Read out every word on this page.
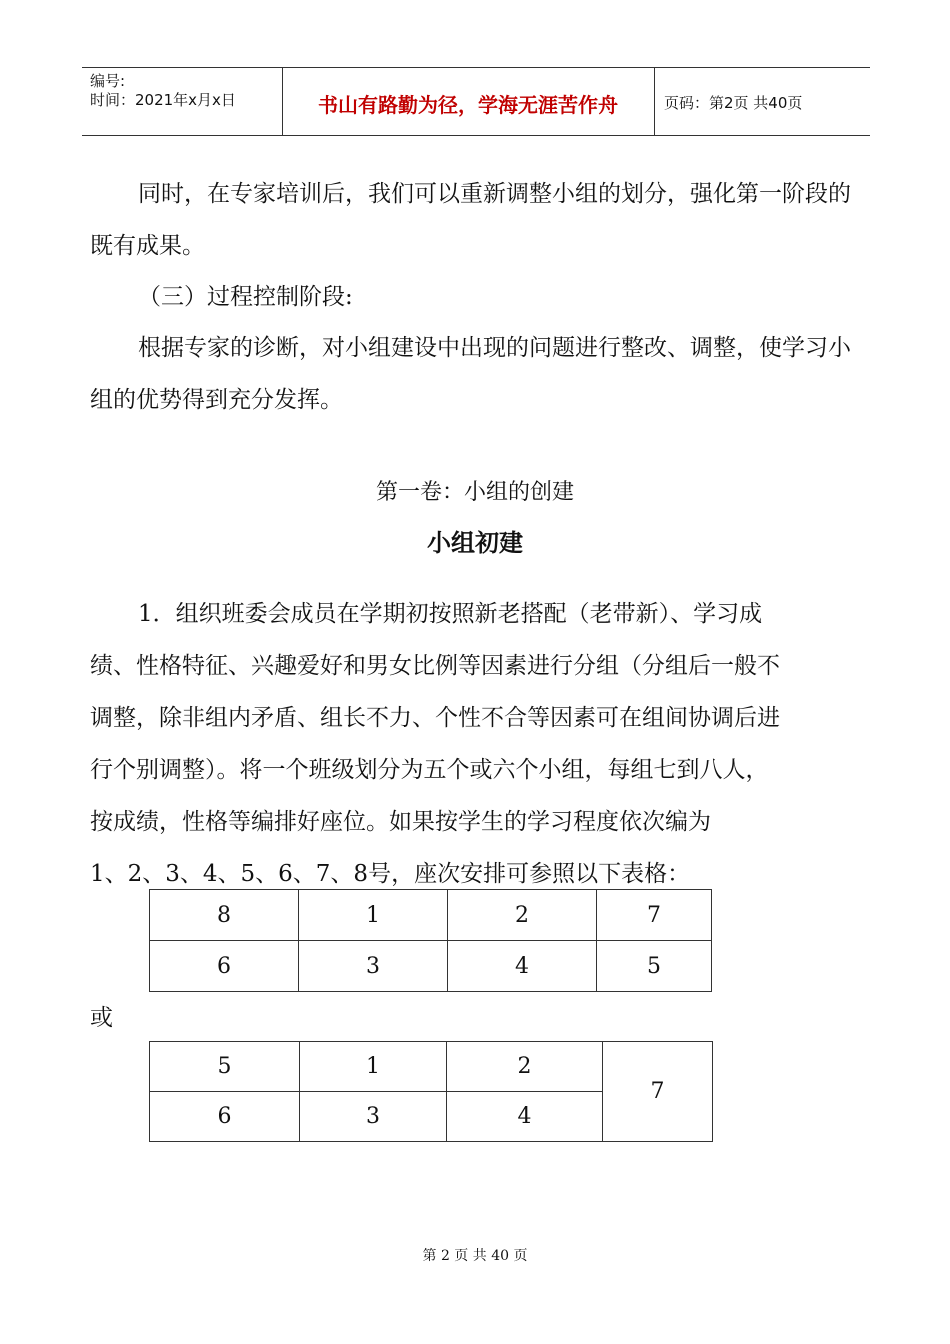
编号:
时间：2021年x月x日	书山有路勤为径，学海无涯苦作舟	页码：第2页 共40页

同时，在专家培训后，我们可以重新调整小组的划分，强化第一阶段的既有成果。

（三）过程控制阶段:

根据专家的诊断，对小组建设中出现的问题进行整改、调整，使学习小组的优势得到充分发挥。

第一卷：小组的创建
小组初建
1．组织班委会成员在学期初按照新老搭配（老带新）、学习成
绩、性格特征、兴趣爱好和男女比例等因素进行分组（分组后一般不
调整，除非组内矛盾、组长不力、个性不合等因素可在组间协调后进
行个别调整）。将一个班级划分为五个或六个小组，每组七到八人，
按成绩，性格等编排好座位。如果按学生的学习程度依次编为
1、2、3、4、5、6、7、8号，座次安排可参照以下表格：
8	1	2	7
6	3	4	5
或
5	1	2	7
6	3	4	
第 2 页 共 40 页
